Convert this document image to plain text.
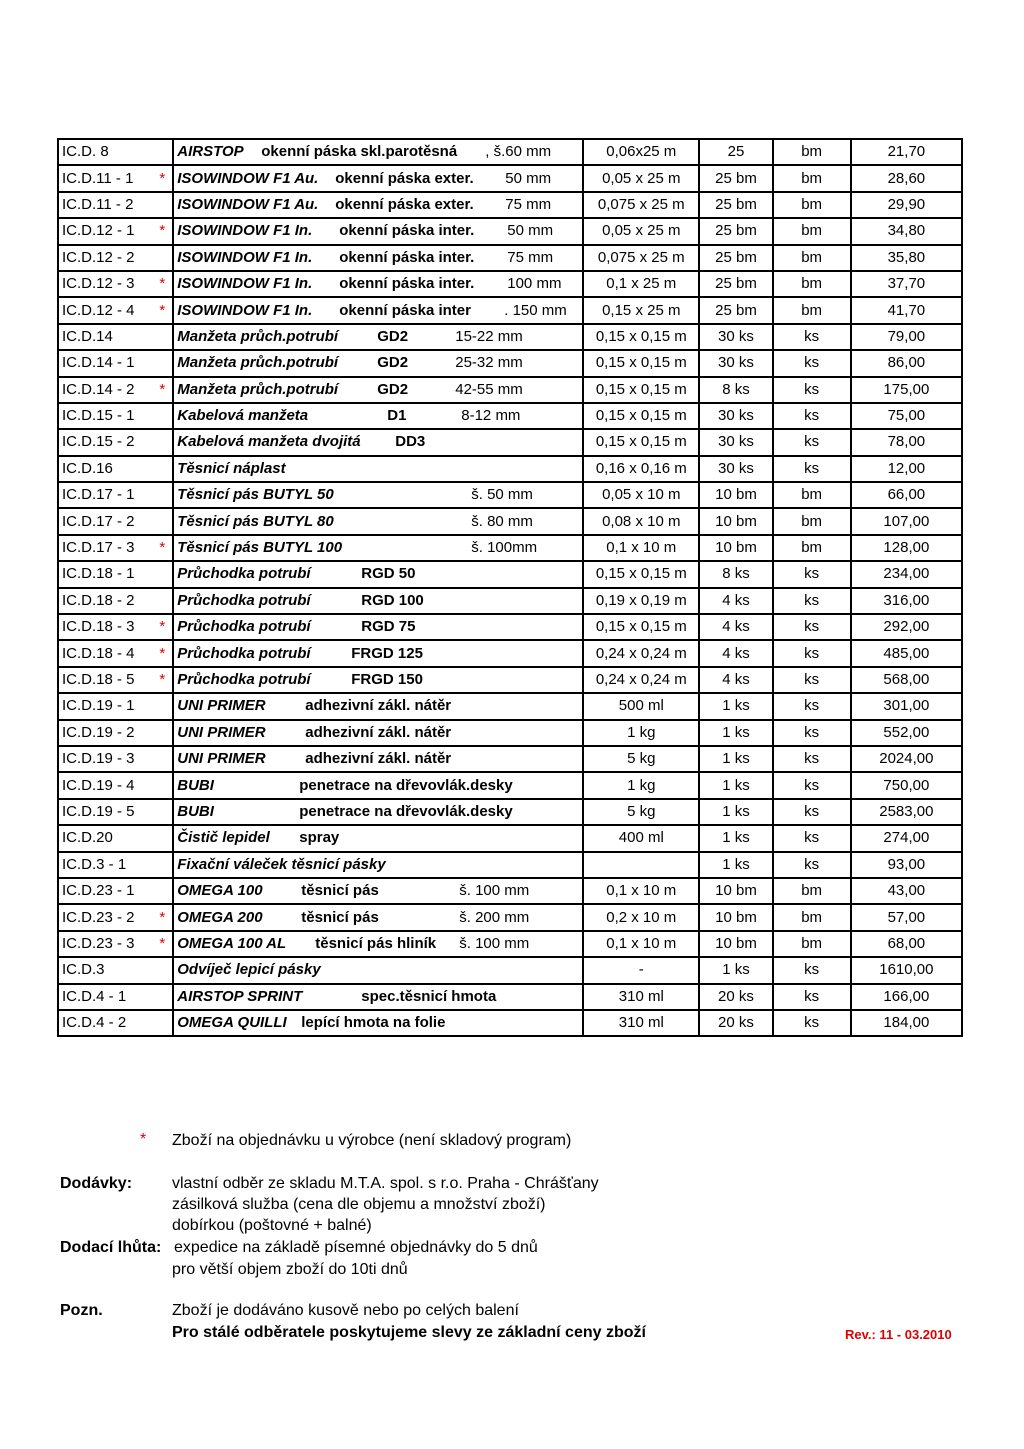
IC.D. 8	AIRSTOP okenní páska skl.parotěsná , š.60 mm	0,06x25 m	25	bm	21,70
IC.D.11 - 1 *	ISOWINDOW F1 Au. okenní páska exter. 50 mm	0,05 x 25 m	25 bm	bm	28,60
IC.D.11 - 2	ISOWINDOW F1 Au. okenní páska exter. 75 mm	0,075 x 25 m	25 bm	bm	29,90
IC.D.12 - 1 *	ISOWINDOW F1 In. okenní páska inter. 50 mm	0,05 x 25 m	25 bm	bm	34,80
IC.D.12 - 2	ISOWINDOW F1 In. okenní páska inter. 75 mm	0,075 x 25 m	25 bm	bm	35,80
IC.D.12 - 3 *	ISOWINDOW F1 In. okenní páska inter. 100 mm	0,1 x 25 m	25 bm	bm	37,70
IC.D.12 - 4 *	ISOWINDOW F1 In. okenní páska inter . 150 mm	0,15 x 25 m	25 bm	bm	41,70
IC.D.14	Manžeta průch.potrubí GD2 15-22 mm	0,15 x 0,15 m	30 ks	ks	79,00
IC.D.14 - 1	Manžeta průch.potrubí GD2 25-32 mm	0,15 x 0,15 m	30 ks	ks	86,00
IC.D.14 - 2 *	Manžeta průch.potrubí GD2 42-55 mm	0,15 x 0,15 m	8 ks	ks	175,00
IC.D.15 - 1	Kabelová manžeta D1 8-12 mm	0,15 x 0,15 m	30 ks	ks	75,00
IC.D.15 - 2	Kabelová manžeta dvojitá DD3	0,15 x 0,15 m	30 ks	ks	78,00
IC.D.16	Těsnicí náplast	0,16 x 0,16 m	30 ks	ks	12,00
IC.D.17 - 1	Těsnicí pás BUTYL 50 š. 50 mm	0,05 x 10 m	10 bm	bm	66,00
IC.D.17 - 2	Těsnicí pás BUTYL 80 š. 80 mm	0,08 x 10 m	10 bm	bm	107,00
IC.D.17 - 3 *	Těsnicí pás BUTYL 100 š. 100mm	0,1 x 10 m	10 bm	bm	128,00
IC.D.18 - 1	Průchodka potrubí RGD 50	0,15 x 0,15 m	8 ks	ks	234,00
IC.D.18 - 2	Průchodka potrubí RGD 100	0,19 x 0,19 m	4 ks	ks	316,00
IC.D.18 - 3 *	Průchodka potrubí RGD 75	0,15 x 0,15 m	4 ks	ks	292,00
IC.D.18 - 4 *	Průchodka potrubí FRGD 125	0,24 x 0,24 m	4 ks	ks	485,00
IC.D.18 - 5 *	Průchodka potrubí FRGD 150	0,24 x 0,24 m	4 ks	ks	568,00
IC.D.19 - 1	UNI PRIMER adhezivní zákl. nátěr	500 ml	1 ks	ks	301,00
IC.D.19 - 2	UNI PRIMER adhezivní zákl. nátěr	1 kg	1 ks	ks	552,00
IC.D.19 - 3	UNI PRIMER adhezivní zákl. nátěr	5 kg	1 ks	ks	2024,00
IC.D.19 - 4	BUBI penetrace na dřevovlák.desky	1 kg	1 ks	ks	750,00
IC.D.19 - 5	BUBI penetrace na dřevovlák.desky	5 kg	1 ks	ks	2583,00
IC.D.20	Čistič lepidel spray	400 ml	1 ks	ks	274,00
IC.D.3 - 1	Fixační váleček těsnicí pásky		1 ks	ks	93,00
IC.D.23 - 1	OMEGA 100 těsnicí pás š. 100 mm	0,1 x 10 m	10 bm	bm	43,00
IC.D.23 - 2 *	OMEGA 200 těsnicí pás š. 200 mm	0,2 x 10 m	10 bm	bm	57,00
IC.D.23 - 3 *	OMEGA 100 AL těsnicí pás hliník š. 100 mm	0,1 x 10 m	10 bm	bm	68,00
IC.D.3	Odvíječ lepicí pásky	-	1 ks	ks	1610,00
IC.D.4 - 1	AIRSTOP SPRINT spec.těsnicí hmota	310 ml	20 ks	ks	166,00
IC.D.4 - 2	OMEGA QUILLI lepící hmota na folie	310 ml	20 ks	ks	184,00
* Zboží na objednávku u výrobce (není skladový program)
Dodávky: vlastní odběr ze skladu M.T.A. spol. s r.o. Praha - Chrášťany
zásilková služba (cena dle objemu a množství zboží)
dobírkou (poštovné + balné)
Dodací lhůta: expedice na základě písemné objednávky do 5 dnů
pro větší objem zboží do 10ti dnů
Pozn.	Zboží je dodáváno kusově nebo po celých balení
Pro stálé odběratele poskytujeme slevy ze základní ceny zboží	Rev.: 11 - 03.2010
